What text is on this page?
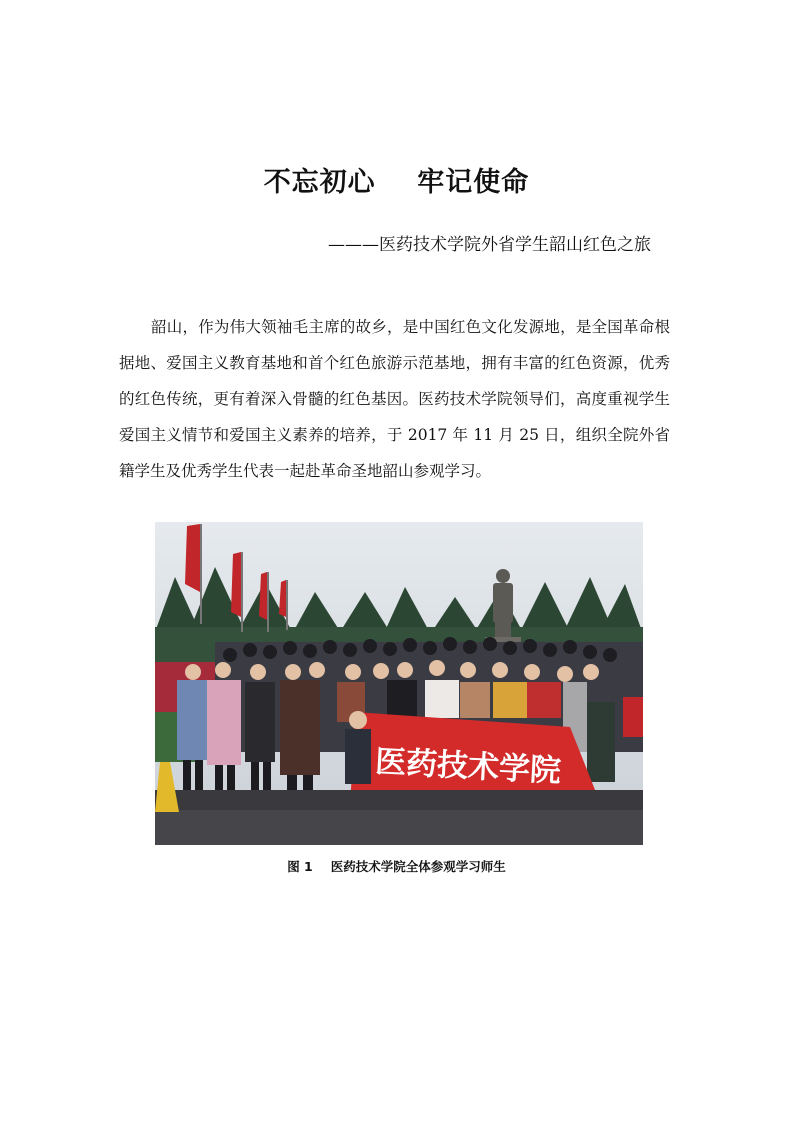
不忘初心    牢记使命
———医药技术学院外省学生韶山红色之旅

韶山，作为伟大领袖毛主席的故乡，是中国红色文化发源地，是全国革命根据地、爱国主义教育基地和首个红色旅游示范基地，拥有丰富的红色资源，优秀的红色传统，更有着深入骨髓的红色基因。医药技术学院领导们，高度重视学生爱国主义情节和爱国主义素养的培养，于 2017 年 11 月 25 日，组织全院外省籍学生及优秀学生代表一起赴革命圣地韶山参观学习。

医药技术学院
图 1 医药技术学院全体参观学习师生
